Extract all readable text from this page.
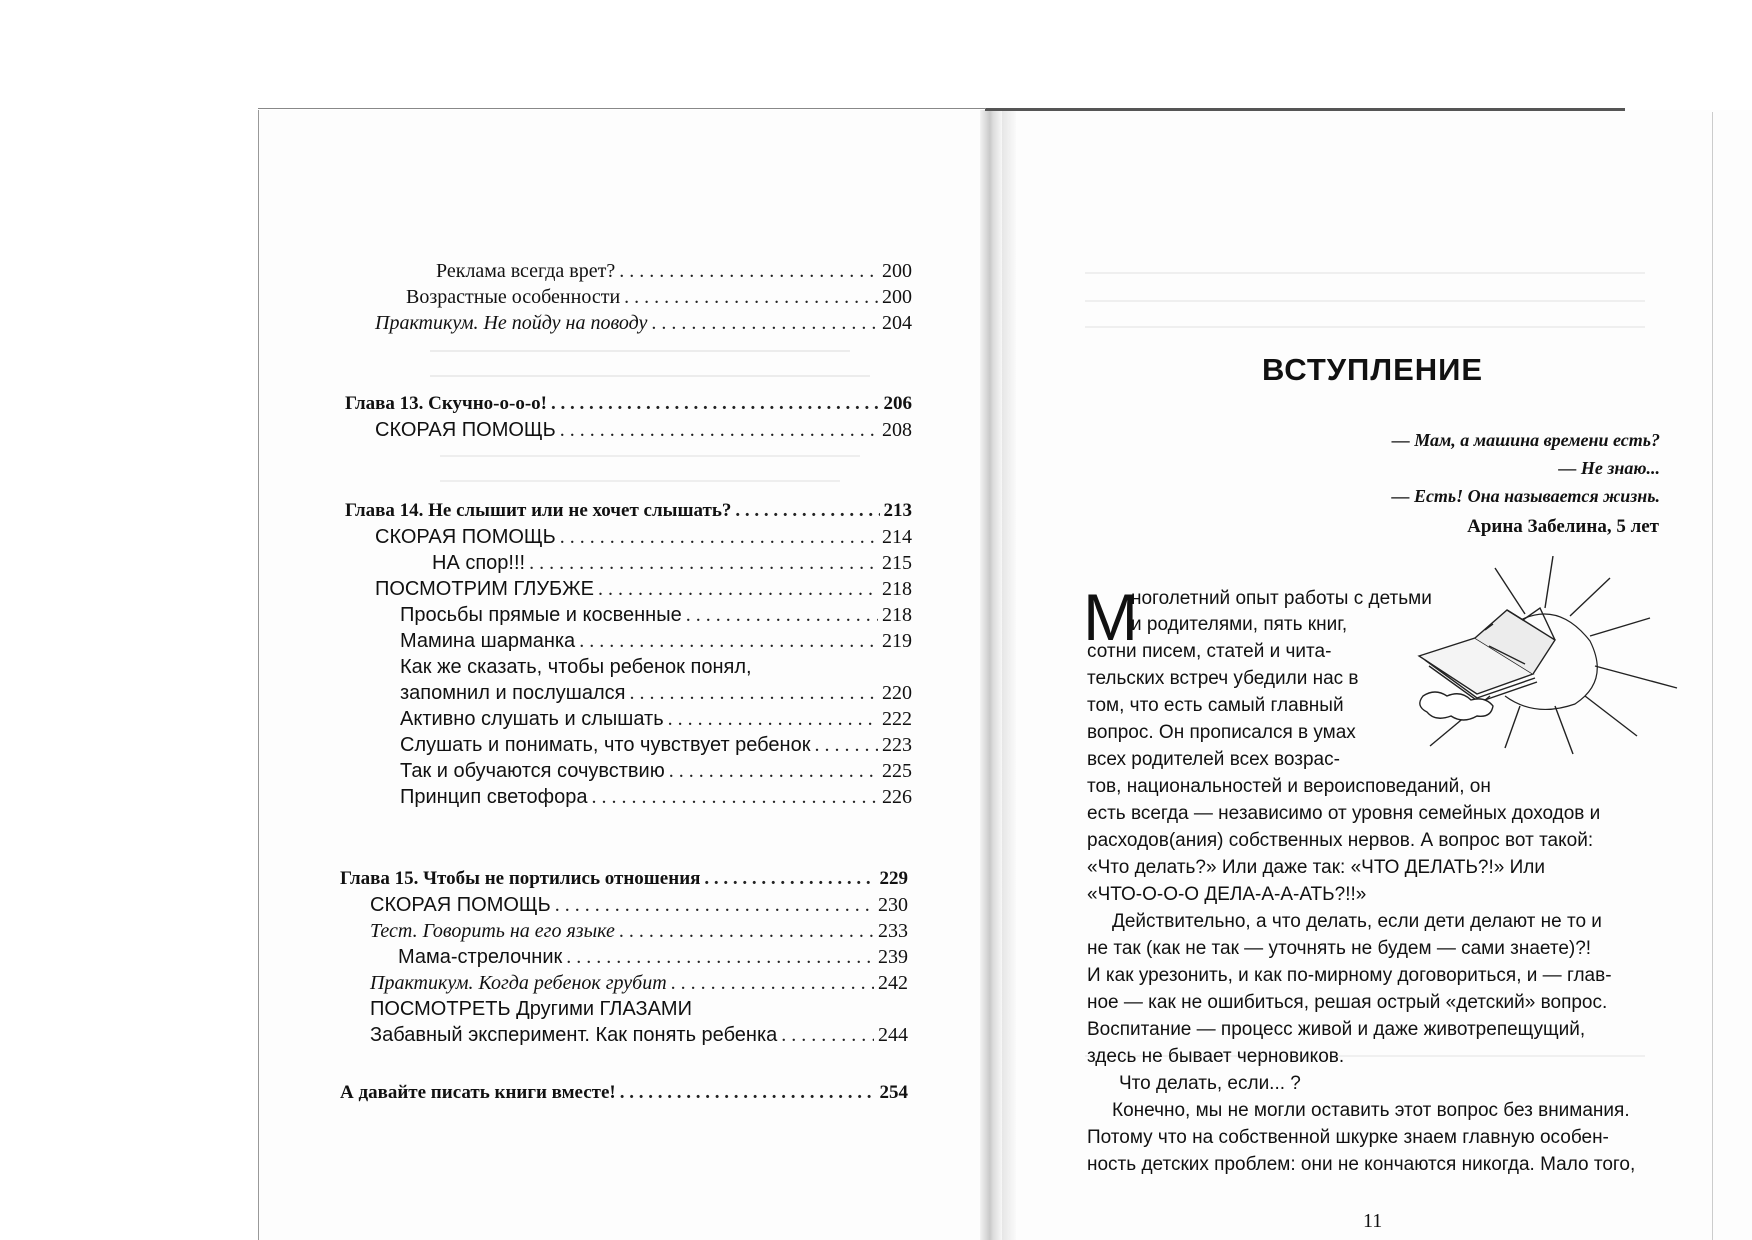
Реклама всегда врет? . . .	200
Возрастные особенности . . .	200
Практикум. Не пойду на поводу . . .	204
Глава 13. Скучно-о-о-о! . . .	206
СКОРАЯ ПОМОЩЬ . . .	208
Глава 14. Не слышит или не хочет слышать? . . .	213
СКОРАЯ ПОМОЩЬ . . .	214
НА спор!!! . . .	215
ПОСМОТРИМ ГЛУБЖЕ . . .	218
Просьбы прямые и косвенные . . .	218
Мамина шарманка . . .	219
Как же сказать, чтобы ребенок понял,
запомнил и послушался . . .	220
Активно слушать и слышать . . .	222
Слушать и понимать, что чувствует ребенок . . .	223
Так и обучаются сочувствию . . .	225
Принцип светофора . . .	226
Глава 15. Чтобы не портились отношения . . .	229
СКОРАЯ ПОМОЩЬ . . .	230
Тест. Говорить на его языке . . .	233
Мама-стрелочник . . .	239
Практикум. Когда ребенок грубит . . .	242
ПОСМОТРЕТЬ Другими ГЛАЗАМИ
Забавный эксперимент. Как понять ребенка . . .	244
А давайте писать книги вместе! . . .	254
ВСТУПЛЕНИЕ
— Мам, а машина времени есть?
— Не знаю...
— Есть! Она называется жизнь.
Арина Забелина, 5 лет
М
ноголетний опыт работы с детьми
и родителями, пять книг,
сотни писем, статей и чита-
тельских встреч убедили нас в
том, что есть самый главный
вопрос. Он прописался в умах
всех родителей всех возрас-
тов, национальностей и вероисповеданий, он
есть всегда — независимо от уровня семейных доходов и
расходов(ания) собственных нервов. А вопрос вот такой:
«Что делать?» Или даже так: «ЧТО ДЕЛАТЬ?!» Или
«ЧТО-О-О-О ДЕЛА-А-А-АТЬ?!!»
Действительно, а что делать, если дети делают не то и
не так (как не так — уточнять не будем — сами знаете)?!
И как урезонить, и как по-мирному договориться, и — глав-
ное — как не ошибиться, решая острый «детский» вопрос.
Воспитание — процесс живой и даже животрепещущий,
здесь не бывает черновиков.
Что делать, если... ?
Конечно, мы не могли оставить этот вопрос без внимания.
Потому что на собственной шкурке знаем главную особен-
ность детских проблем: они не кончаются никогда. Мало того,
11
